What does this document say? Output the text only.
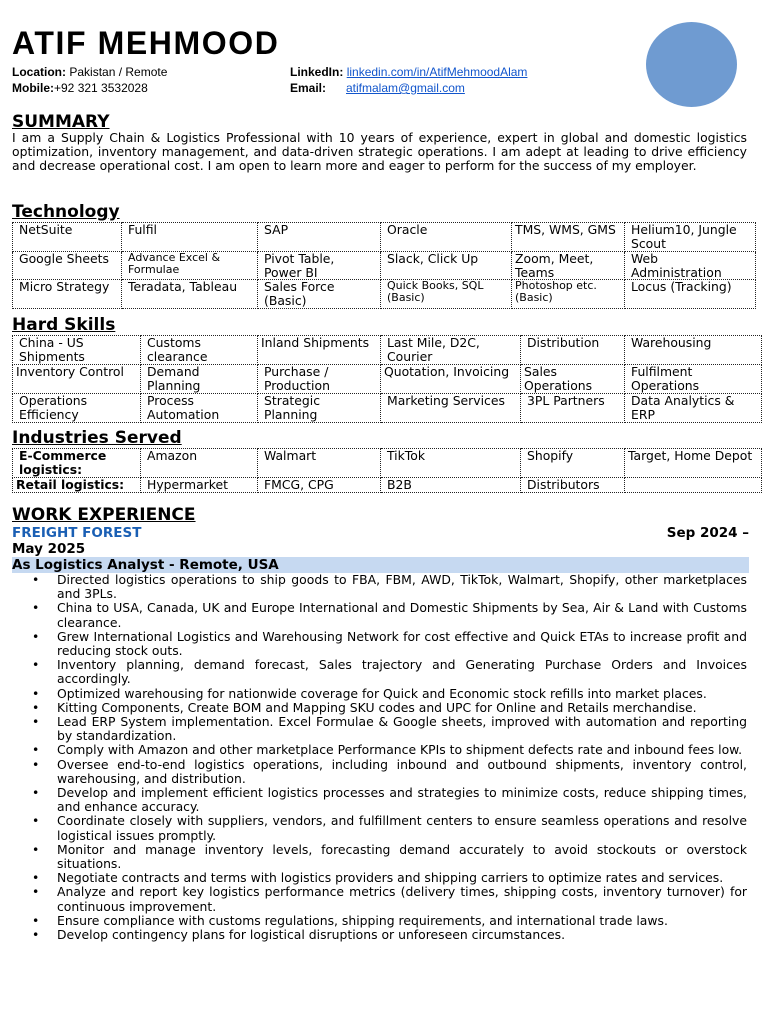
ATIF MEHMOOD
Location: Pakistan / Remote
Mobile:+92 321 3532028
LinkedIn: linkedin.com/in/AtifMehmoodAlam
Email: atifmalam@gmail.com
SUMMARY

I am a Supply Chain & Logistics Professional with 10 years of experience, expert in global and domestic logistics optimization, inventory management, and data-driven strategic operations. I am adept at leading to drive efficiency and decrease operational cost. I am open to learn more and eager to perform for the success of my employer.

Technology
NetSuite	Fulfil	SAP	Oracle	TMS, WMS, GMS	Helium10, Jungle Scout
Google Sheets	Advance Excel & Formulae	Pivot Table, Power BI	Slack, Click Up	Zoom, Meet, Teams	Web Administration
Micro Strategy	Teradata, Tableau	Sales Force (Basic)	Quick Books, SQL (Basic)	Photoshop etc. (Basic)	Locus (Tracking)
Hard Skills
China - US Shipments	Customs clearance	Inland Shipments	Last Mile, D2C, Courier	Distribution	Warehousing
Inventory Control	Demand Planning	Purchase / Production	Quotation, Invoicing	Sales Operations	Fulfilment Operations
Operations Efficiency	Process Automation	Strategic Planning	Marketing Services	3PL Partners	Data Analytics & ERP
Industries Served
E-Commerce logistics:	Amazon	Walmart	TikTok	Shopify	Target, Home Depot
Retail logistics:	Hypermarket	FMCG, CPG	B2B	Distributors	
WORK EXPERIENCE
FREIGHT FOREST	Sep 2024 –
May 2025
As Logistics Analyst - Remote, USA
• Directed logistics operations to ship goods to FBA, FBM, AWD, TikTok, Walmart, Shopify, other marketplaces and 3PLs.
• China to USA, Canada, UK and Europe International and Domestic Shipments by Sea, Air & Land with Customs clearance.
• Grew International Logistics and Warehousing Network for cost effective and Quick ETAs to increase profit and reducing stock outs.
• Inventory planning, demand forecast, Sales trajectory and Generating Purchase Orders and Invoices accordingly.
• Optimized warehousing for nationwide coverage for Quick and Economic stock refills into market places.
• Kitting Components, Create BOM and Mapping SKU codes and UPC for Online and Retails merchandise.
• Lead ERP System implementation. Excel Formulae & Google sheets, improved with automation and reporting by standardization.
• Comply with Amazon and other marketplace Performance KPIs to shipment defects rate and inbound fees low.
• Oversee end-to-end logistics operations, including inbound and outbound shipments, inventory control, warehousing, and distribution.
• Develop and implement efficient logistics processes and strategies to minimize costs, reduce shipping times, and enhance accuracy.
• Coordinate closely with suppliers, vendors, and fulfillment centers to ensure seamless operations and resolve logistical issues promptly.
• Monitor and manage inventory levels, forecasting demand accurately to avoid stockouts or overstock situations.
• Negotiate contracts and terms with logistics providers and shipping carriers to optimize rates and services.
• Analyze and report key logistics performance metrics (delivery times, shipping costs, inventory turnover) for continuous improvement.
• Ensure compliance with customs regulations, shipping requirements, and international trade laws.
• Develop contingency plans for logistical disruptions or unforeseen circumstances.
